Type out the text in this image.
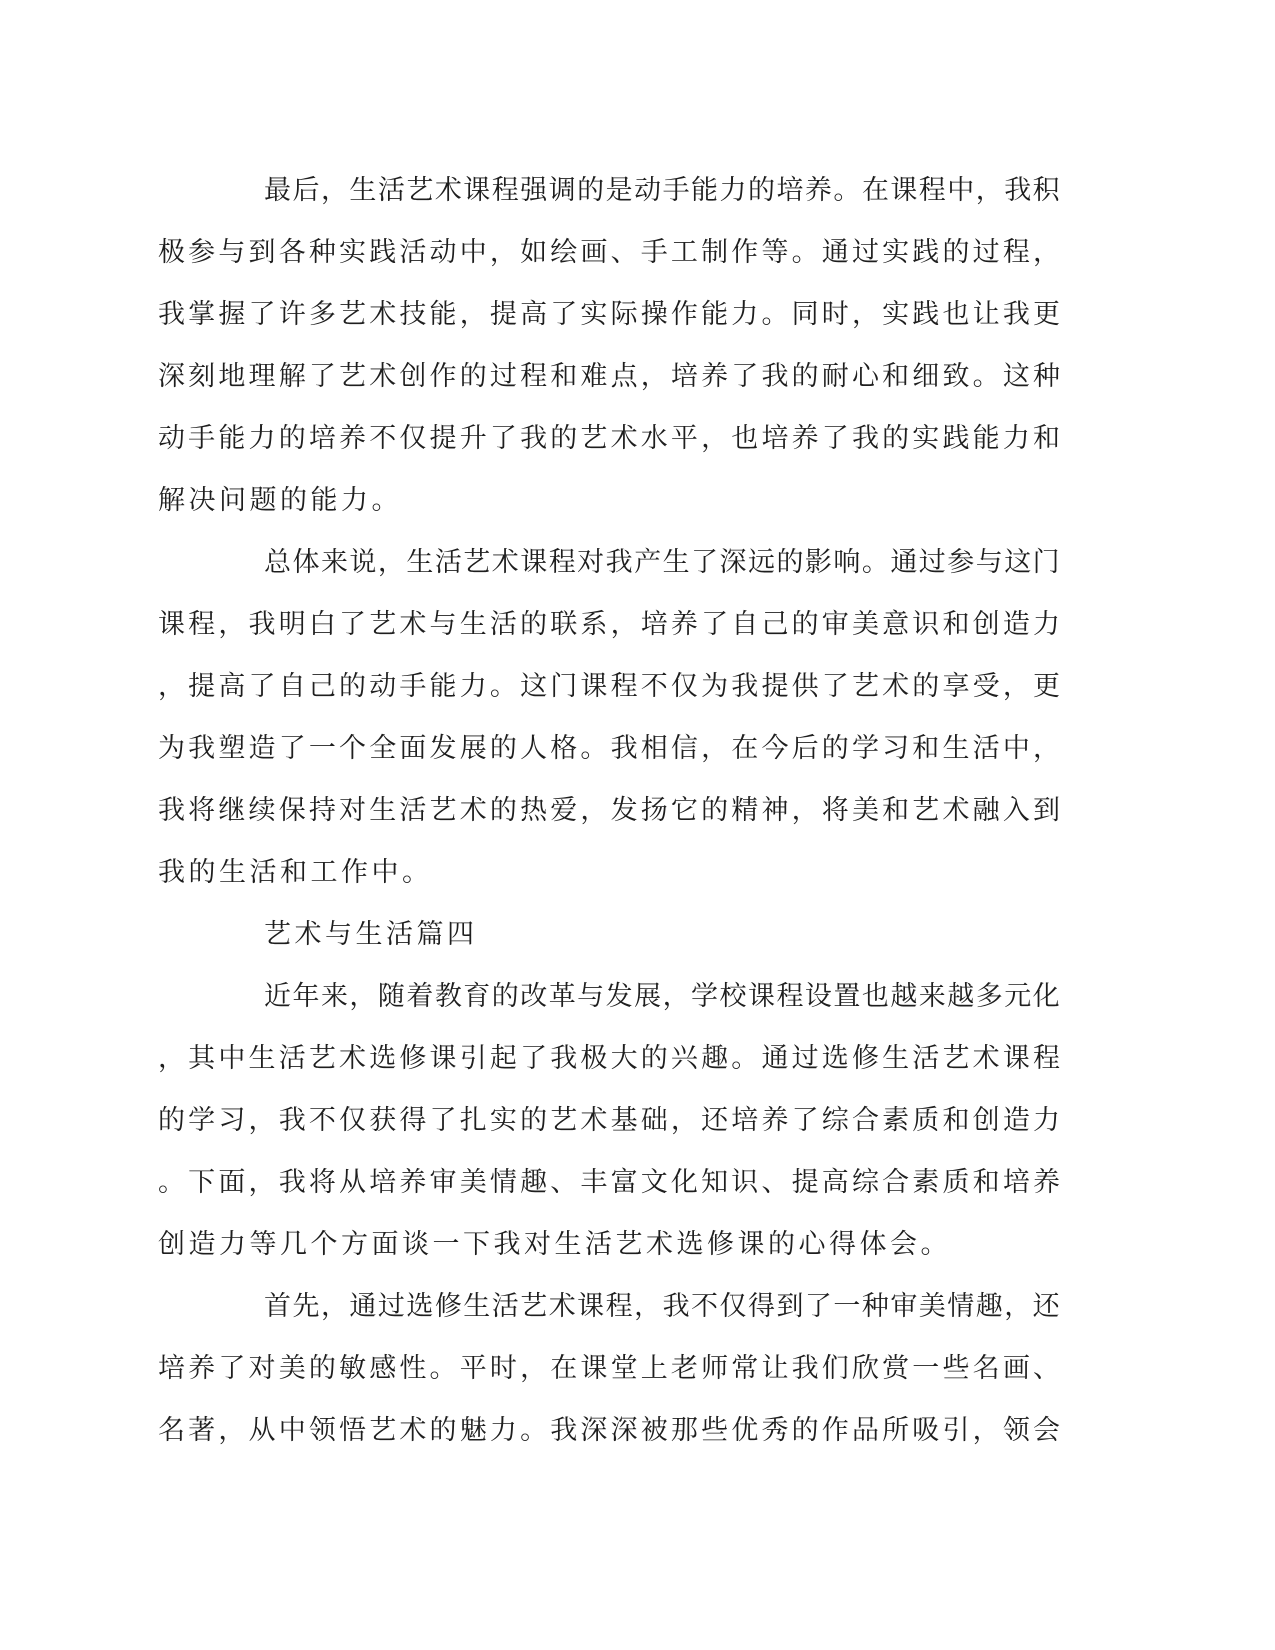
最 后 ， 生 活 艺 术 课 程 强 调 的 是 动 手 能 力 的 培 养 。 在 课 程 中 ， 我 积
极 参 与 到 各 种 实 践 活 动 中 ， 如 绘 画 、 手 工 制 作 等 。 通 过 实 践 的 过 程 ，
我 掌 握 了 许 多 艺 术 技 能 ， 提 高 了 实 际 操 作 能 力 。 同 时 ， 实 践 也 让 我 更
深 刻 地 理 解 了 艺 术 创 作 的 过 程 和 难 点 ， 培 养 了 我 的 耐 心 和 细 致 。 这 种
动 手 能 力 的 培 养 不 仅 提 升 了 我 的 艺 术 水 平 ， 也 培 养 了 我 的 实 践 能 力 和
解决问题的能力。
总 体 来 说 ， 生 活 艺 术 课 程 对 我 产 生 了 深 远 的 影 响 。 通 过 参 与 这 门
课 程 ， 我 明 白 了 艺 术 与 生 活 的 联 系 ， 培 养 了 自 己 的 审 美 意 识 和 创 造 力
， 提 高 了 自 己 的 动 手 能 力 。 这 门 课 程 不 仅 为 我 提 供 了 艺 术 的 享 受 ， 更
为 我 塑 造 了 一 个 全 面 发 展 的 人 格 。 我 相 信 ， 在 今 后 的 学 习 和 生 活 中 ，
我 将 继 续 保 持 对 生 活 艺 术 的 热 爱 ， 发 扬 它 的 精 神 ， 将 美 和 艺 术 融 入 到
我的生活和工作中。
艺术与生活篇四
近 年 来 ， 随 着 教 育 的 改 革 与 发 展 ， 学 校 课 程 设 置 也 越 来 越 多 元 化
， 其 中 生 活 艺 术 选 修 课 引 起 了 我 极 大 的 兴 趣 。 通 过 选 修 生 活 艺 术 课 程
的 学 习 ， 我 不 仅 获 得 了 扎 实 的 艺 术 基 础 ， 还 培 养 了 综 合 素 质 和 创 造 力
。 下 面 ， 我 将 从 培 养 审 美 情 趣 、 丰 富 文 化 知 识 、 提 高 综 合 素 质 和 培 养
创造力等几个方面谈一下我对生活艺术选修课的心得体会。
首 先 ， 通 过 选 修 生 活 艺 术 课 程 ， 我 不 仅 得 到 了 一 种 审 美 情 趣 ， 还
培 养 了 对 美 的 敏 感 性 。 平 时 ， 在 课 堂 上 老 师 常 让 我 们 欣 赏 一 些 名 画 、
名 著 ， 从 中 领 悟 艺 术 的 魅 力 。 我 深 深 被 那 些 优 秀 的 作 品 所 吸 引 ， 领 会
